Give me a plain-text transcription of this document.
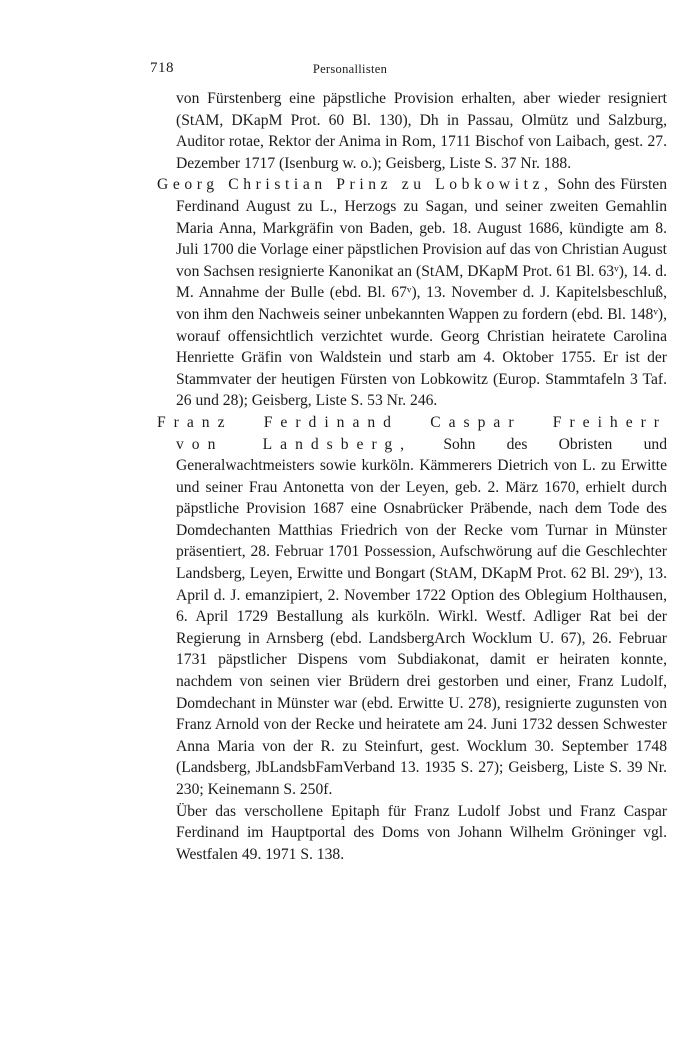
718	Personallisten

von Fürstenberg eine päpstliche Provision erhalten, aber wieder resigniert (StAM, DKapM Prot. 60 Bl. 130), Dh in Passau, Olmütz und Salzburg, Auditor rotae, Rektor der Anima in Rom, 1711 Bischof von Laibach, gest. 27. Dezember 1717 (Isenburg w. o.); Geisberg, Liste S. 37 Nr. 188.

Georg Christian Prinz zu Lobkowitz, Sohn des Fürsten Ferdinand August zu L., Herzogs zu Sagan, und seiner zweiten Gemahlin Maria Anna, Markgräfin von Baden, geb. 18. August 1686, kündigte am 8. Juli 1700 die Vorlage einer päpstlichen Provision auf das von Christian August von Sachsen resignierte Kanonikat an (StAM, DKapM Prot. 61 Bl. 63ᵛ), 14. d. M. Annahme der Bulle (ebd. Bl. 67ᵛ), 13. November d. J. Kapitelsbeschluß, von ihm den Nachweis seiner unbekannten Wappen zu fordern (ebd. Bl. 148ᵛ), worauf offensichtlich verzichtet wurde. Georg Christian heiratete Carolina Henriette Gräfin von Waldstein und starb am 4. Oktober 1755. Er ist der Stammvater der heutigen Fürsten von Lobkowitz (Europ. Stammtafeln 3 Taf. 26 und 28); Geisberg, Liste S. 53 Nr. 246.

Franz Ferdinand Caspar Freiherr von Landsberg, Sohn des Obristen und Generalwachtmeisters sowie kurköln. Kämmerers Dietrich von L. zu Erwitte und seiner Frau Antonetta von der Leyen, geb. 2. März 1670, erhielt durch päpstliche Provision 1687 eine Osnabrücker Präbende, nach dem Tode des Domdechanten Matthias Friedrich von der Recke vom Turnar in Münster präsentiert, 28. Februar 1701 Possession, Aufschwörung auf die Geschlechter Landsberg, Leyen, Erwitte und Bongart (StAM, DKapM Prot. 62 Bl. 29ᵛ), 13. April d. J. emanzipiert, 2. November 1722 Option des Oblegium Holthausen, 6. April 1729 Bestallung als kurköln. Wirkl. Westf. Adliger Rat bei der Regierung in Arnsberg (ebd. LandsbergArch Wocklum U. 67), 26. Februar 1731 päpstlicher Dispens vom Subdiakonat, damit er heiraten konnte, nachdem von seinen vier Brüdern drei gestorben und einer, Franz Ludolf, Domdechant in Münster war (ebd. Erwitte U. 278), resignierte zugunsten von Franz Arnold von der Recke und heiratete am 24. Juni 1732 dessen Schwester Anna Maria von der R. zu Steinfurt, gest. Wocklum 30. September 1748 (Landsberg, JbLandsbFamVerband 13. 1935 S. 27); Geisberg, Liste S. 39 Nr. 230; Keinemann S. 250f.

Über das verschollene Epitaph für Franz Ludolf Jobst und Franz Caspar Ferdinand im Hauptportal des Doms von Johann Wilhelm Gröninger vgl. Westfalen 49. 1971 S. 138.
